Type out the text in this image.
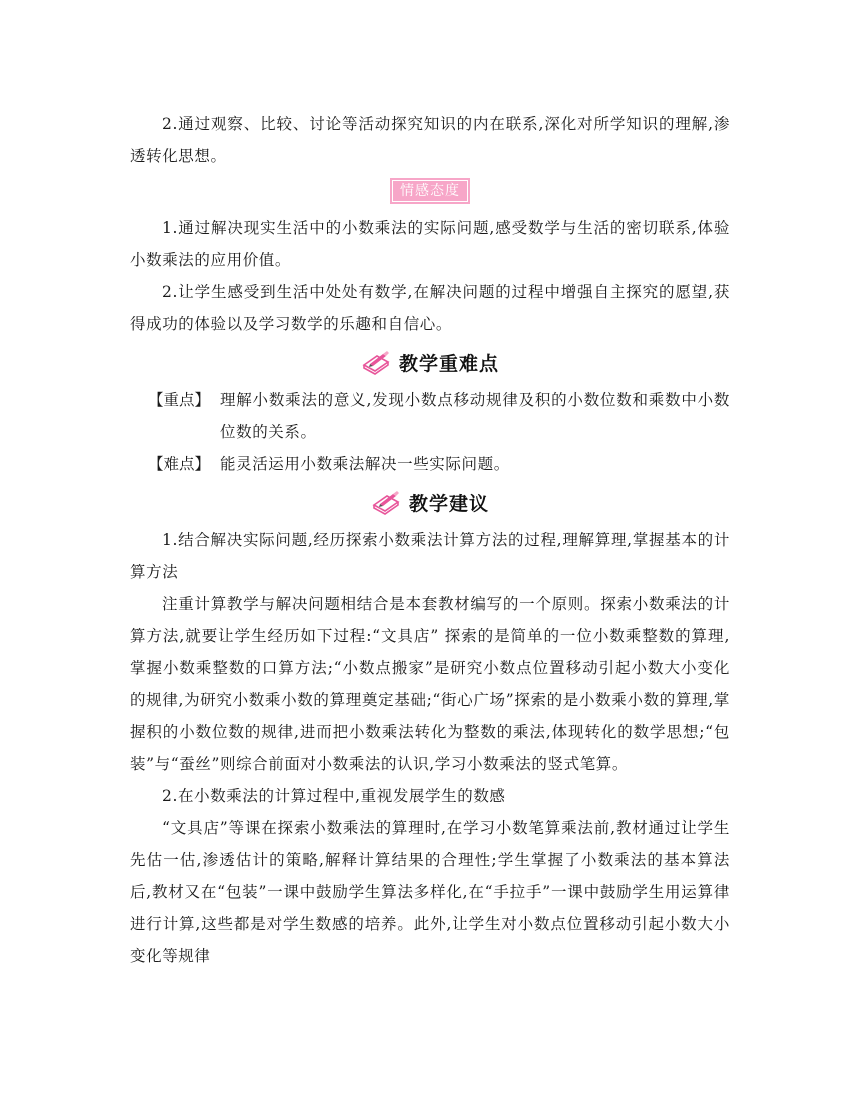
2.通过观察、比较、讨论等活动探究知识的内在联系,深化对所学知识的理解,渗透转化思想。

情感态度

1.通过解决现实生活中的小数乘法的实际问题,感受数学与生活的密切联系,体验小数乘法的应用价值。

2.让学生感受到生活中处处有数学,在解决问题的过程中增强自主探究的愿望,获得成功的体验以及学习数学的乐趣和自信心。

教学重难点
【重点】 理解小数乘法的意义,发现小数点移动规律及积的小数位数和乘数中小数位数的关系。
【难点】 能灵活运用小数乘法解决一些实际问题。
教学建议

1.结合解决实际问题,经历探索小数乘法计算方法的过程,理解算理,掌握基本的计算方法

注重计算教学与解决问题相结合是本套教材编写的一个原则。探索小数乘法的计算方法,就要让学生经历如下过程:“文具店” 探索的是简单的一位小数乘整数的算理,掌握小数乘整数的口算方法;“小数点搬家”是研究小数点位置移动引起小数大小变化的规律,为研究小数乘小数的算理奠定基础;“街心广场”探索的是小数乘小数的算理,掌握积的小数位数的规律,进而把小数乘法转化为整数的乘法,体现转化的数学思想;“包装”与“蚕丝”则综合前面对小数乘法的认识,学习小数乘法的竖式笔算。

2.在小数乘法的计算过程中,重视发展学生的数感

“文具店”等课在探索小数乘法的算理时,在学习小数笔算乘法前,教材通过让学生先估一估,渗透估计的策略,解释计算结果的合理性;学生掌握了小数乘法的基本算法后,教材又在“包装”一课中鼓励学生算法多样化,在“手拉手”一课中鼓励学生用运算律进行计算,这些都是对学生数感的培养。此外,让学生对小数点位置移动引起小数大小变化等规律
